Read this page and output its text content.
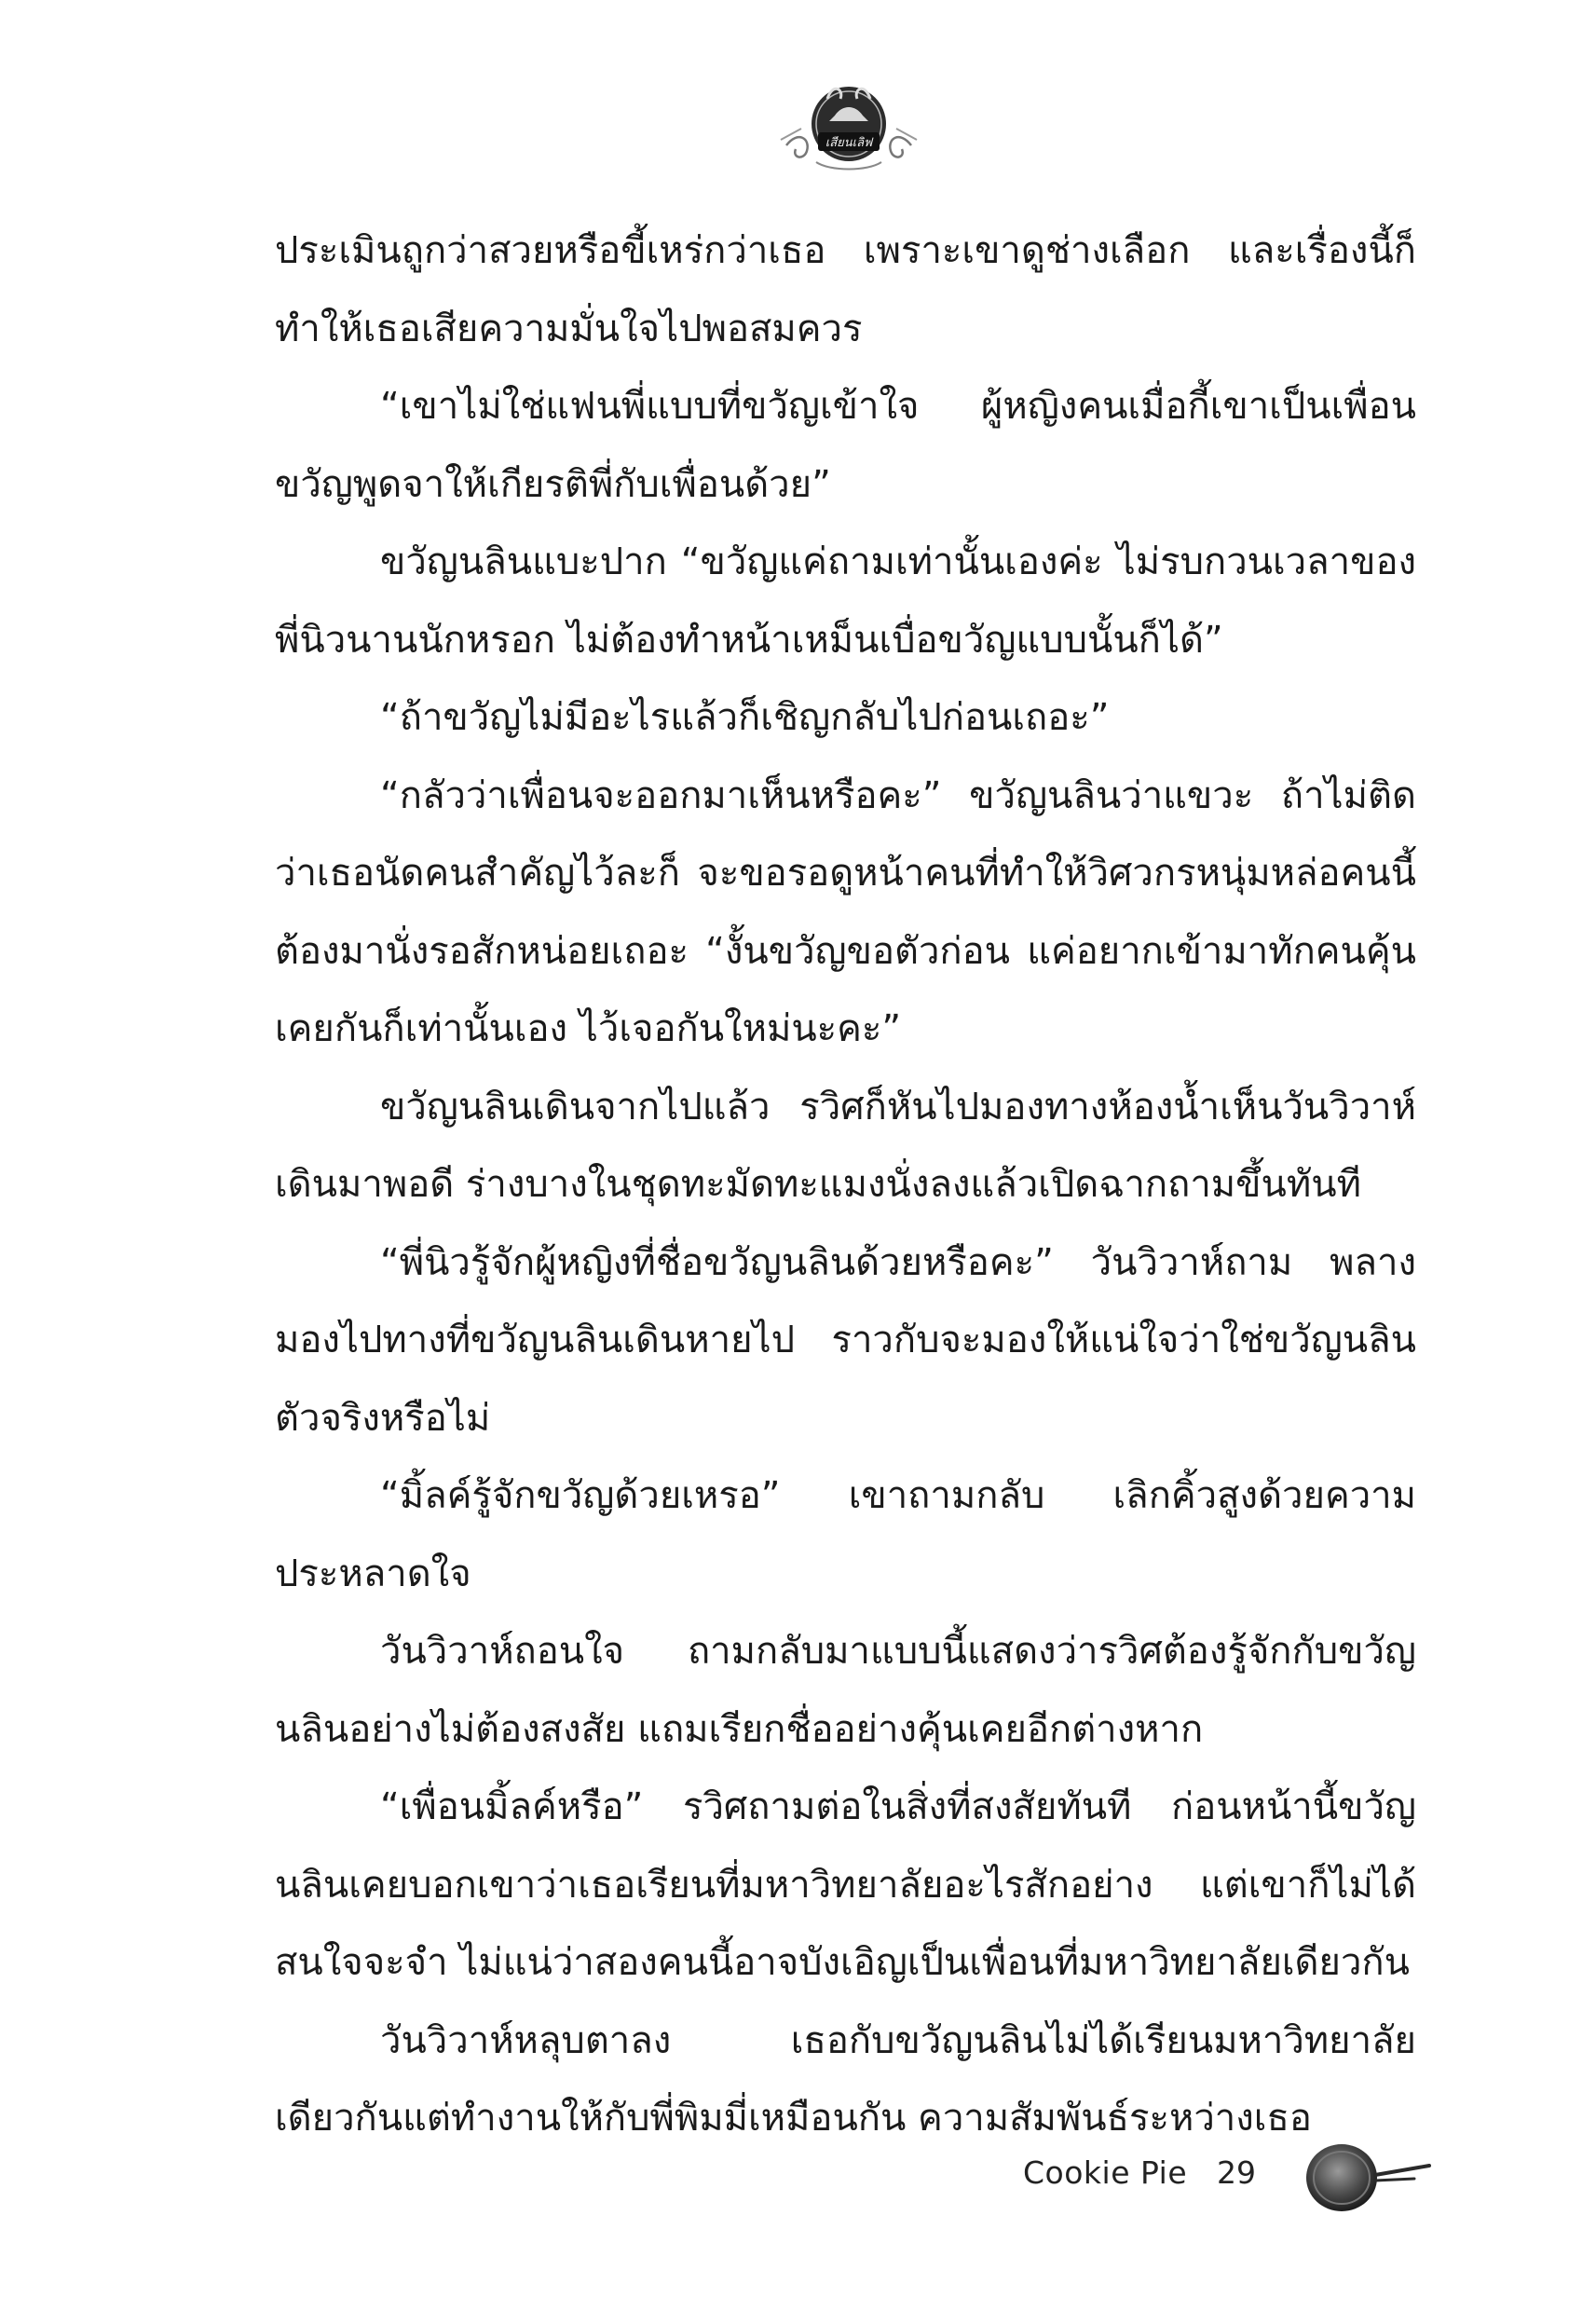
เสียนเลิฟ

ประเมินถูกว่าสวยหรือขี้เหร่กว่าเธอ เพราะเขาดูช่างเลือก และเรื่องนี้ก็ทำให้เธอเสียความมั่นใจไปพอสมควร

“เขาไม่ใช่แฟนพี่แบบที่ขวัญเข้าใจ ผู้หญิงคนเมื่อกี้เขาเป็นเพื่อน ขวัญพูดจาให้เกียรติพี่กับเพื่อนด้วย”

ขวัญนลินแบะปาก “ขวัญแค่ถามเท่านั้นเองค่ะ ไม่รบกวนเวลาของพี่นิวนานนักหรอก ไม่ต้องทำหน้าเหม็นเบื่อขวัญแบบนั้นก็ได้”

“ถ้าขวัญไม่มีอะไรแล้วก็เชิญกลับไปก่อนเถอะ”

“กลัวว่าเพื่อนจะออกมาเห็นหรือคะ” ขวัญนลินว่าแขวะ ถ้าไม่ติดว่าเธอนัดคนสำคัญไว้ละก็ จะขอรอดูหน้าคนที่ทำให้วิศวกรหนุ่มหล่อคนนี้ต้องมานั่งรอสักหน่อยเถอะ “งั้นขวัญขอตัวก่อน แค่อยากเข้ามาทักคนคุ้นเคยกันก็เท่านั้นเอง ไว้เจอกันใหม่นะคะ”

ขวัญนลินเดินจากไปแล้ว รวิศก็หันไปมองทางห้องน้ำเห็นวันวิวาห์เดินมาพอดี ร่างบางในชุดทะมัดทะแมงนั่งลงแล้วเปิดฉากถามขึ้นทันที

“พี่นิวรู้จักผู้หญิงที่ชื่อขวัญนลินด้วยหรือคะ” วันวิวาห์ถาม พลางมองไปทางที่ขวัญนลินเดินหายไป ราวกับจะมองให้แน่ใจว่าใช่ขวัญนลินตัวจริงหรือไม่

“มิ้ลค์รู้จักขวัญด้วยเหรอ” เขาถามกลับ เลิกคิ้วสูงด้วยความประหลาดใจ

วันวิวาห์ถอนใจ ถามกลับมาแบบนี้แสดงว่ารวิศต้องรู้จักกับขวัญนลินอย่างไม่ต้องสงสัย แถมเรียกชื่ออย่างคุ้นเคยอีกต่างหาก

“เพื่อนมิ้ลค์หรือ” รวิศถามต่อในสิ่งที่สงสัยทันที ก่อนหน้านี้ขวัญนลินเคยบอกเขาว่าเธอเรียนที่มหาวิทยาลัยอะไรสักอย่าง แต่เขาก็ไม่ได้สนใจจะจำ ไม่แน่ว่าสองคนนี้อาจบังเอิญเป็นเพื่อนที่มหาวิทยาลัยเดียวกัน

วันวิวาห์หลุบตาลง เธอกับขวัญนลินไม่ได้เรียนมหาวิทยาลัยเดียวกันแต่ทำงานให้กับพี่พิมมี่เหมือนกัน ความสัมพันธ์ระหว่างเธอ

Cookie Pie 29
